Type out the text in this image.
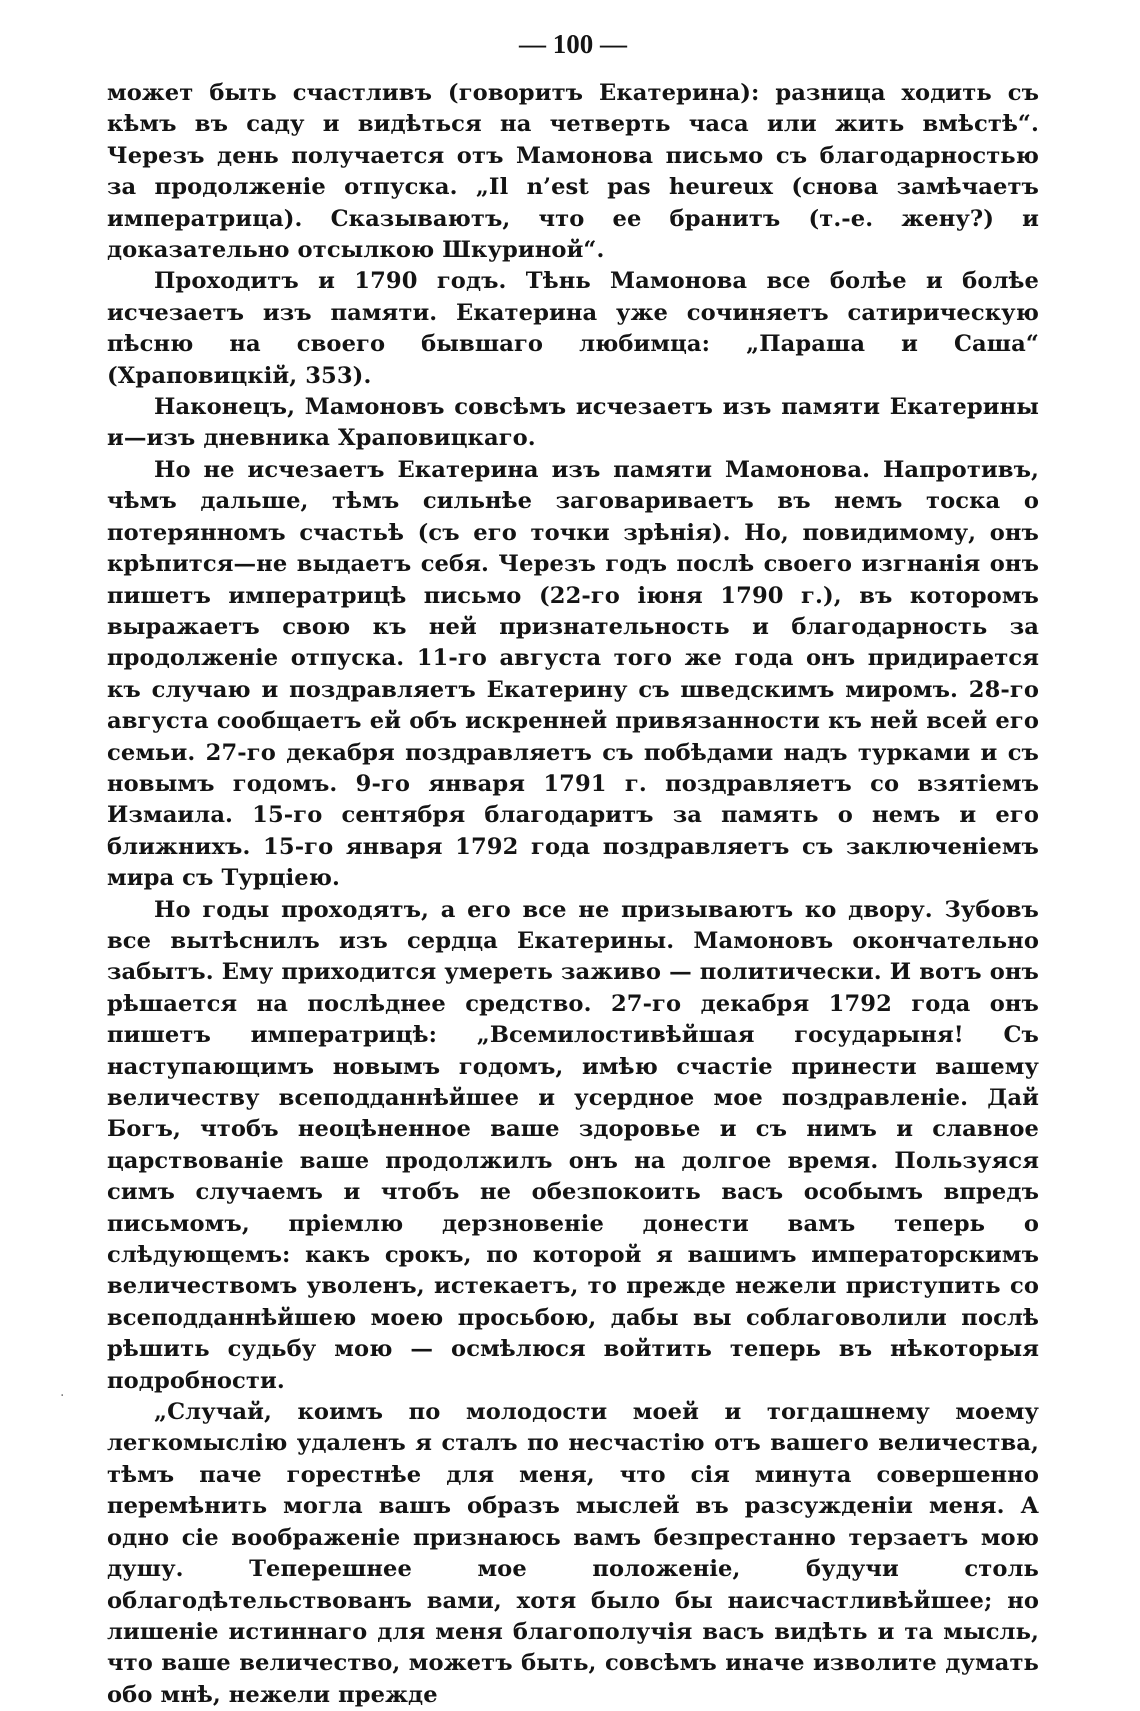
— 100 —

может быть счастливъ (говоритъ Екатерина): разница ходить съ кѣмъ въ саду и видѣться на четверть часа или жить вмѣстѣ“. Черезъ день получается отъ Мамонова письмо съ благодарностью за продолженіе отпуска. „Il n’est pas heureux (снова замѣчаетъ императрица). Сказываютъ, что ее бранитъ (т.-е. жену?) и доказательно отсылкою Шкуриной“.

Проходитъ и 1790 годъ. Тѣнь Мамонова все болѣе и болѣе исчезаетъ изъ памяти. Екатерина уже сочиняетъ сатирическую пѣсню на своего бывшаго любимца: „Параша и Саша“ (Храповицкій, 353).

Наконецъ, Мамоновъ совсѣмъ исчезаетъ изъ памяти Екатерины и—изъ дневника Храповицкаго.

Но не исчезаетъ Екатерина изъ памяти Мамонова. Напротивъ, чѣмъ дальше, тѣмъ сильнѣе заговариваетъ въ немъ тоска о потерянномъ счастьѣ (съ его точки зрѣнія). Но, повидимому, онъ крѣпится—не выдаетъ себя. Черезъ годъ послѣ своего изгнанія онъ пишетъ императрицѣ письмо (22-го іюня 1790 г.), въ которомъ выражаетъ свою къ ней признательность и благодарность за продолженіе отпуска. 11-го августа того же года онъ придирается къ случаю и поздравляетъ Екатерину съ шведскимъ миромъ. 28-го августа сообщаетъ ей объ искренней привязанности къ ней всей его семьи. 27-го декабря поздравляетъ съ побѣдами надъ турками и съ новымъ годомъ. 9-го января 1791 г. поздравляетъ со взятіемъ Измаила. 15-го сентября благодаритъ за память о немъ и его ближнихъ. 15-го января 1792 года поздравляетъ съ заключеніемъ мира съ Турціею.

Но годы проходятъ, а его все не призываютъ ко двору. Зубовъ все вытѣснилъ изъ сердца Екатерины. Мамоновъ окончательно забытъ. Ему приходится умереть заживо — политически. И вотъ онъ рѣшается на послѣднее средство. 27-го декабря 1792 года онъ пишетъ императрицѣ: „Всемилостивѣйшая государыня! Съ наступающимъ новымъ годомъ, имѣю счастіе принести вашему величеству всеподданнѣйшее и усердное мое поздравленіе. Дай Богъ, чтобъ неоцѣненное ваше здоровье и съ нимъ и славное царствованіе ваше продолжилъ онъ на долгое время. Пользуяся симъ случаемъ и чтобъ не обезпокоить васъ особымъ впредъ письмомъ, пріемлю дерзновеніе донести вамъ теперь о слѣдующемъ: какъ срокъ, по которой я вашимъ императорскимъ величествомъ уволенъ, истекаетъ, то прежде нежели приступить со всеподданнѣйшею моею просьбою, дабы вы соблаговолили послѣ рѣшить судьбу мою — осмѣлюся войтить теперь въ нѣкоторыя подробности.

„Случай, коимъ по молодости моей и тогдашнему моему легкомыслію удаленъ я сталъ по несчастію отъ вашего величества, тѣмъ паче горестнѣе для меня, что сія минута совершенно перемѣнить могла вашъ образъ мыслей въ разсужденіи меня. А одно сіе воображеніе признаюсь вамъ безпрестанно терзаетъ мою душу. Теперешнее мое положеніе, будучи столь облагодѣтельствованъ вами, хотя было бы наисчастливѣйшее; но лишеніе истиннаго для меня благополучія васъ видѣть и та мысль, что ваше величество, можетъ быть, совсѣмъ иначе изволите думать обо мнѣ, нежели прежде

·
